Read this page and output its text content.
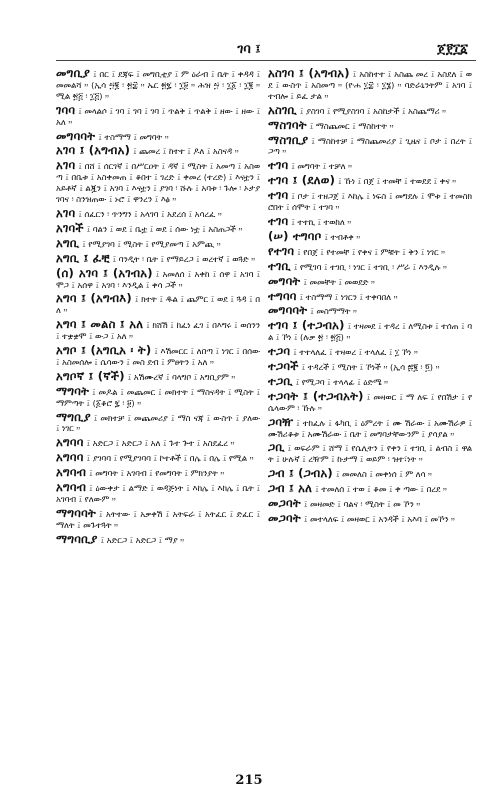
ገባ ፤	ጀ፻፲፩

መግቢያ ፤ በር ፤ ደጃፍ ፤ መግቢቲያ ፤ ም ዕራብ ፤ ቤት ፤ ቀዳዳ ፤ መመልሻ ። (ኢሳ ፵፪ ፡ ፳፰ ። ኤር ፳፯ ፡ ፲፱ ። ሕዝ ፵ ፡ ፲፩ ፡ ፲፪ ። ሚል ፳፭ ፡ ፲፭) ።

ገባባ ፤ መላልሶ ፤ ገባ ፤ ገባ ፤ ገባ ፤ ጥልቅ ፤ ጥልቅ ፤ ዘው ፤ ዘው ፤ አለ ።

መግባባት ፤ ተስማማ ፤ መግባት ።

አገባ ፤ (አግብአ) ፤ ጨመረ ፤ ከተተ ፤ ዶለ ፤ አስናዳ ።

አገባ ፤ በሸ ፤ ሰርገኛ ፤ በሥርዐት ፤ ዳኛ ፤ ሚስት ፤ አመጣ ፤ አስወጣ ፤ በቤቱ ፤ አስቀመጠ ፤ ቆበተ ፤ ገረድ ፤ ቀመረ (ተረድ) ፤ እናቷን ፤ አይቶኛ ፤ ልጇን ፤ አገባ ፤ እናቷን ፤ ያገባ ፡ ሹሉ ፤ አባቱ ፡ ጉሎ ፡ ኦታያገባና ፡ ስንዝጠው ፤ ኑሮ ፤ ዋንረን ፤ እፅ ።

አገባ ፤ ሰፈርን ፡ ጥንግን ፤ አላገባ ፤ አደረሰ ፤ አሳረፈ ።

አገባች ፤ ባልን ፤ ወደ ፤ ቤቷ ፤ ወደ ፤ ሰው ነቷ ፤ አስጠጋች ።

አግቢ ፤ የሚያገባ ፤ ሚስት ፤ የሚያመጣ ፤ አምጪ ።

አግቢ ፤ ፈቺ ፤ ባንዲት ፡ ቤት ፤ የማይረጋ ፤ ወረተኛ ፤ ወጓድ ።

(ሰ) አገባ ፤ (አገብአ) ፤ አመለሰ ፤ አቀከ ፤ ሰዋ ፤ አገባ ፤ ሞጋ ፤ አሰዋ ፤ አገባ ፡ እንዲል ፤ ቀሳ ጋች ።

አግባ ፤ (አግብእ) ፤ ክተት ፤ ዱል ፤ ጨምር ፤ ወደ ፤ ጓዳ ፤ በለ ።

አግባ ፤ መልስ ፤ አለ ፤ ክሸሽ ፤ ከፈነ ፈገ ፤ በእግሩ ፤ ወሰንን ፤ ተቋቋሞ ፤ ውጋ ፤ አለ ።

አግቦ ፤ (አግቢአ ፡ ት) ፤ እሽመርር ፤ ለበጣ ፤ ነገር ፤ በሰው ፤ አስመሰሎ ፤ ሴሳውን ፤ መስ ደብ ፤ ምፀትን ፤ አለ ።

አግቦኛ ፤ (ኛች) ፤ አሽሙረኛ ፤ ባላግቦ ፤ አግቢያም ።

ማግባት ፤ መዶል ፤ መጨመር ፤ መክተት ፤ ማስናዳት ፤ ሚስት ፤ ማምጣት ፤ (፩ቆሮ ፯ ፡ ፱) ።

ማግቢያ ፤ መክተቻ ፤ መጨመሪያ ፤ ማስ ናጃ ፤ ውስጥ ፤ ያለው ፤ ነገር ።

አግባባ ፤ አድርጋ ፤ አድርጋ ፤ አለ ፤ ጉተ ጕተ ፤ አስደፈረ ።

አግባባ ፤ ያገባባ ፤ የሚያገባባ ፤ ኮተቶች ፤ በሌ ፤ በሌ ፤ የሚል ።

አግባብ ፤ መግባት ፤ አገባብ ፤ የመግባት ፤ ምክንያት ።

አግባብ ፤ ዕውቀታ ፤ ልማድ ፤ ወዳጅነት ፤ እከሌ ፤ እከሌ ፤ ቤት ፤ አገባብ ፤ የለውም ።

ማግባባት ፤ አትተው ፤ አቃቀሽ ፤ አትፍራ ፤ አትፈር ፤ ድፈር ፤ ማለት ፤ መጉተጓት ።

ማግባቢያ ፤ አድርጋ ፤ አድርጋ ፤ ማያ ።

አስገባ ፤ (አግብአ) ፤ አስከተተ ፤ አስጨ መረ ፤ አስደለ ፤ ወደ ፤ ውስጥ ፤ አስመጣ ። (ዮሐ ፲፰ ፡ ፲፮) ። ባድራኒንትም ፤ አገባ ፤ ተብሎ ፤ ይፈ ታል ።

አስገቢ ፤ ያስገባ ፤ የሚያስገባ ፤ አስከታች ፤ አስጨማሪ ።

ማስገባት ፤ ማስጨመር ፤ ማስከተት ።

ማስገቢያ ፤ ማስከተቻ ፤ ማስጨመሪያ ፤ ጊዜና ፤ ቦታ ፤ በረት ፤ ጋጣ ።

ተገባ ፤ መግባት ፤ ተቻለ ።

ተገባ ፤ (ደለወ) ፤ ኹነ ፤ በጀ ፤ ተመቸ ፤ ተወደደ ፤ ቀና ።

ተገባ ፤ ቦታ ፤ ተዘጋጀ ፤ እከሌ ፤ ነፍስ ፤ መግደሉ ፤ ሞቱ ፤ ተመስክሮበት ፤ ሰሞት ፤ ተገባ ።

ተገባ ፤ ተተኪ ፤ ተወከለ ።

(ሠ) ተግባቦ ፤ ተብቶቀ ።

የተገባ ፤ የበጀ ፤ የተመቸ ፤ የቀና ፤ ምቹት ፤ ቅን ፤ ነገር ።

ተገቢ ፤ የሚገባ ፤ ተገቢ ፡ ነገር ፤ ተገቢ ፡ ሥራ ፤ እንዲሉ ።

መግባት ፤ መመቸት ፤ መወደድ ።

ተግባባ ፤ ተስማማ ፤ ነገርን ፤ ተቀባበለ ።

መግባባት ፤ መስማማት ።

ተገባ ፤ (ተጋብአ) ፤ ተዛመደ ፤ ተዳረ ፤ ለሚስቱ ፤ ተሰጠ ፤ ባል ፤ ኾነ ፤ (ሉቃ ፳ ፡ ፳፭) ።

ተጋባ ፤ ተተላለፈ ፤ ተዛወረ ፤ ተላለፈ ፤ ፲ ኾነ ።

ተጋባች ፤ ተዳረች ፤ ሚስት ፤ ኾነች ። (ኢሳ ፷፪ ፡ ፬) ።

ተጋቢ ፤ የሚጋባ ፤ ተላላፊ ፤ ዕድሜ ።

ተጋባት ፤ (ተጋብአት) ፤ መዛወር ፤ ማ ለፍ ፤ የበሽታ ፤ የሴላውም ፡ ኹሉ ።

ጋባዥ ፤ ተከፈሉ ፤ ፋካቢ ፤ ዕምረት ፤ ሙ ሽራው ፤ አሙሽራዎ ፤ ሙሽሪቆቱ ፤ አሙሽራው ፤ ቤት ፤ መግባታቸውንም ፤ ያሳያል ።

ጋቢ ፤ ወፍራም ፤ ሸማ ፤ የሴሊትን ፤ የቀን ፤ ተገቢ ፤ ልብስ ፤ ዋልት ፤ ሁሉኛ ፤ ረዥም ፤ ኩታማ ፤ ወይም ፡ ዝተ፣ነት ።

ጋብ ፤ (ጋብአ) ፤ መመለስ ፤ መቀነሰ ፤ ም ለሳ ።

ጋብ ፤ አለ ፤ ተመለሰ ፤ ተወ ፤ ቆመ ፤ ቀ ጣው ፤ በረደ ።

መጋባት ፤ መዛመድ ፤ ባልና ፡ ሚስት ፤ መ ኾን ።

መጋባት ፤ መተላለፍ ፤ መዛወር ፤ አንዳች ፤ አእባ ፤ መኾን ።

215
